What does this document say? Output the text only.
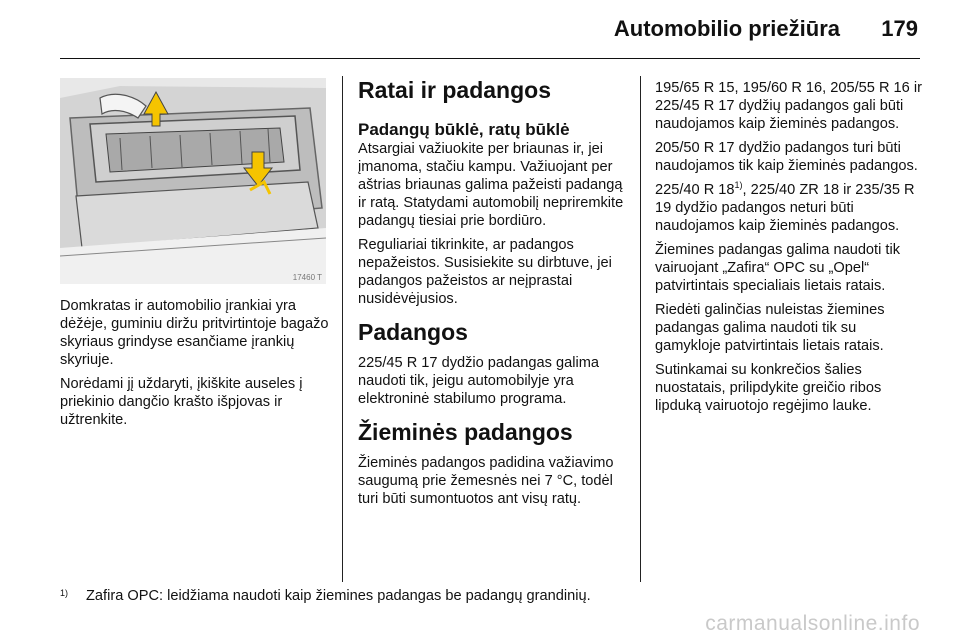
Automobilio priežiūra 179
17460 T

Domkratas ir automobilio įrankiai yra dėžėje, guminiu diržu pritvirtintoje bagažo skyriaus grindyse esančiame įrankių skyriuje.

Norėdami jį uždaryti, įkiškite auseles į priekinio dangčio krašto išpjovas ir užtrenkite.

Ratai ir padangos
Padangų būklė, ratų būklė

Atsargiai važiuokite per briaunas ir, jei įmanoma, stačiu kampu. Važiuojant per aštrias briaunas galima pažeisti padangą ir ratą. Statydami automobilį nepriremkite padangų tiesiai prie bordiūro.

Reguliariai tikrinkite, ar padangos nepažeistos. Susisiekite su dirbtuve, jei padangos pažeistos ar neįprastai nusidėvėjusios.

Padangos

225/45 R 17 dydžio padangas galima naudoti tik, jeigu automobilyje yra elektroninė stabilumo programa.

Žieminės padangos

Žieminės padangos padidina važiavimo saugumą prie žemesnės nei 7 °C, todėl turi būti sumontuotos ant visų ratų.

195/65 R 15, 195/60 R 16, 205/55 R 16 ir 225/45 R 17 dydžių padangos gali būti naudojamos kaip žieminės padangos.

205/50 R 17 dydžio padangos turi būti naudojamos tik kaip žieminės padangos.

225/40 R 18$^{1)}$, 225/40 ZR 18 ir 235/35 R 19 dydžio padangos neturi būti naudojamos kaip žieminės padangos.

Žiemines padangas galima naudoti tik vairuojant „Zafira“ OPC su „Opel“ patvirtintais specialiais lietais ratais.

Riedėti galinčias nuleistas žiemines padangas galima naudoti tik su gamykloje patvirtintais lietais ratais.

Sutinkamai su konkrečios šalies nuostatais, prilipdykite greičio ribos lipduką vairuotojo regėjimo lauke.

$^{1)}$ Zafira OPC: leidžiama naudoti kaip žiemines padangas be padangų grandinių.
carmanualsonline.info
